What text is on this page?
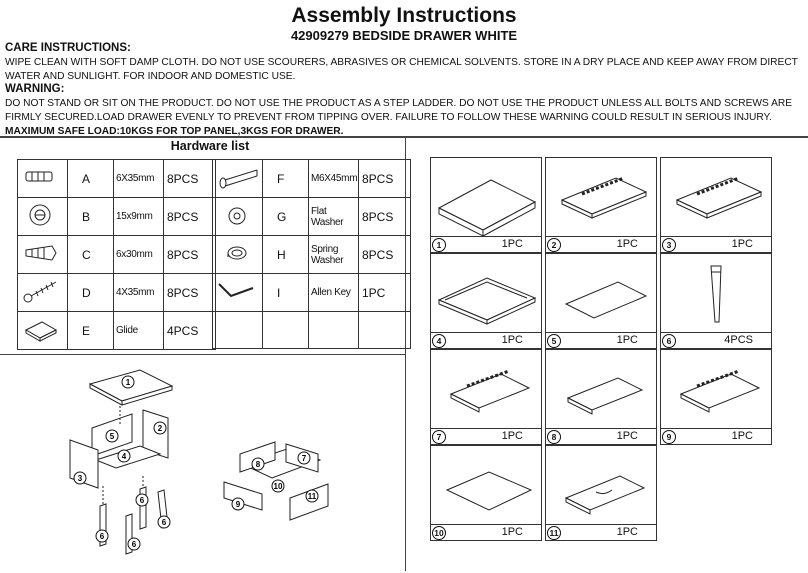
Assembly Instructions
42909279 BEDSIDE DRAWER WHITE
CARE INSTRUCTIONS:
WIPE CLEAN WITH SOFT DAMP CLOTH. DO NOT USE SCOURERS, ABRASIVES OR CHEMICAL SOLVENTS. STORE IN A DRY PLACE AND KEEP AWAY FROM DIRECT WATER AND SUNLIGHT. FOR INDOOR AND DOMESTIC USE.
WARNING:
DO NOT STAND OR SIT ON THE PRODUCT. DO NOT USE THE PRODUCT AS A STEP LADDER. DO NOT USE THE PRODUCT UNLESS ALL BOLTS AND SCREWS ARE FIRMLY SECURED.LOAD DRAWER EVENLY TO PREVENT FROM TIPPING OVER. FAILURE TO FOLLOW THESE WARNING COULD RESULT IN SERIOUS INJURY. MAXIMUM SAFE LOAD:10KGS FOR TOP PANEL,3KGS FOR DRAWER.
Hardware list
	A	6X35mm	8PCS
	B	15x9mm	8PCS
	C	6x30mm	8PCS
	D	4X35mm	8PCS
	E	Glide	4PCS
	F	M6X45mm	8PCS
	G	Flat Washer	8PCS
	H	Spring Washer	8PCS
	I	Allen Key	1PC

1
2
3
4
5
6
6
6
6
7
8
9
10
11
1	1PC	2	1PC	3	1PC
4	1PC	5	1PC	6	4PCS
7	1PC	8	1PC	9	1PC
10	1PC	11	1PC
